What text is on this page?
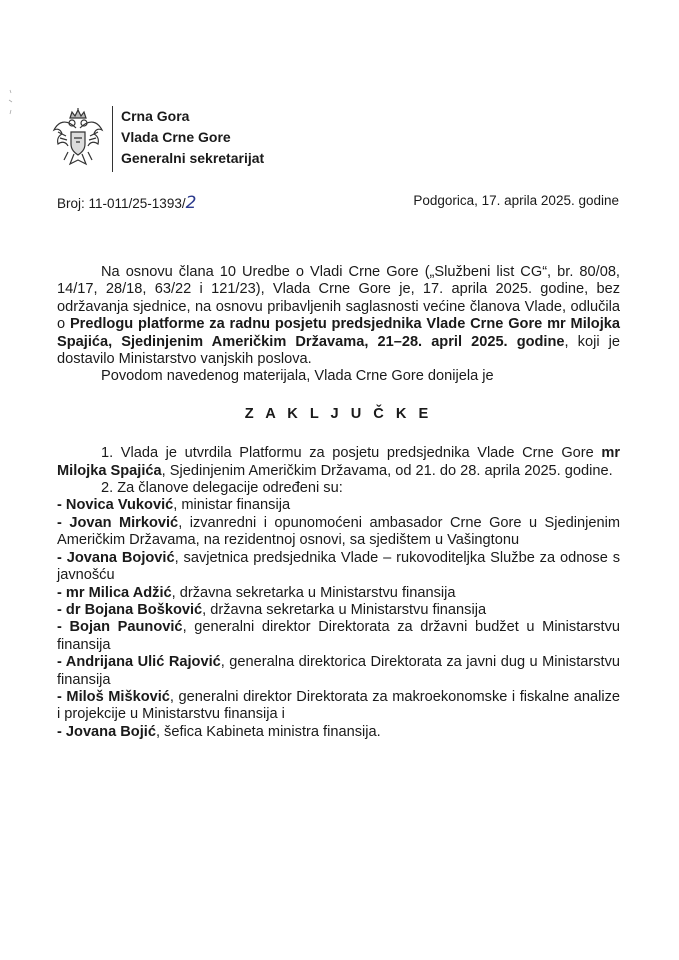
Crna Gora
Vlada Crne Gore
Generalni sekretarijat
Broj: 11-011/25-1393/2	Podgorica, 17. aprila 2025. godine

Na osnovu člana 10 Uredbe o Vladi Crne Gore („Službeni list CG“, br. 80/08, 14/17, 28/18, 63/22 i 121/23), Vlada Crne Gore je, 17. aprila 2025. godine, bez održavanja sjednice, na osnovu pribavljenih saglasnosti većine članova Vlade, odlučila o Predlogu platforme za radnu posjetu predsjednika Vlade Crne Gore mr Milojka Spajića, Sjedinjenim Američkim Državama, 21–28. april 2025. godine, koji je dostavilo Ministarstvo vanjskih poslova.

Povodom navedenog materijala, Vlada Crne Gore donijela je

Z A K L J U Č K E

1. Vlada je utvrdila Platformu za posjetu predsjednika Vlade Crne Gore mr Milojka Spajića, Sjedinjenim Američkim Državama, od 21. do 28. aprila 2025. godine.

2. Za članove delegacije određeni su:

- Novica Vuković, ministar finansija

- Jovan Mirković, izvanredni i opunomoćeni ambasador Crne Gore u Sjedinjenim Američkim Državama, na rezidentnoj osnovi, sa sjedištem u Vašingtonu

- Jovana Bojović, savjetnica predsjednika Vlade – rukovoditeljka Službe za odnose s javnošću

- mr Milica Adžić, državna sekretarka u Ministarstvu finansija

- dr Bojana Bošković, državna sekretarka u Ministarstvu finansija

- Bojan Paunović, generalni direktor Direktorata za državni budžet u Ministarstvu finansija

- Andrijana Ulić Rajović, generalna direktorica Direktorata za javni dug u Ministarstvu finansija

- Miloš Mišković, generalni direktor Direktorata za makroekonomske i fiskalne analize i projekcije u Ministarstvu finansija i

- Jovana Bojić, šefica Kabineta ministra finansija.
